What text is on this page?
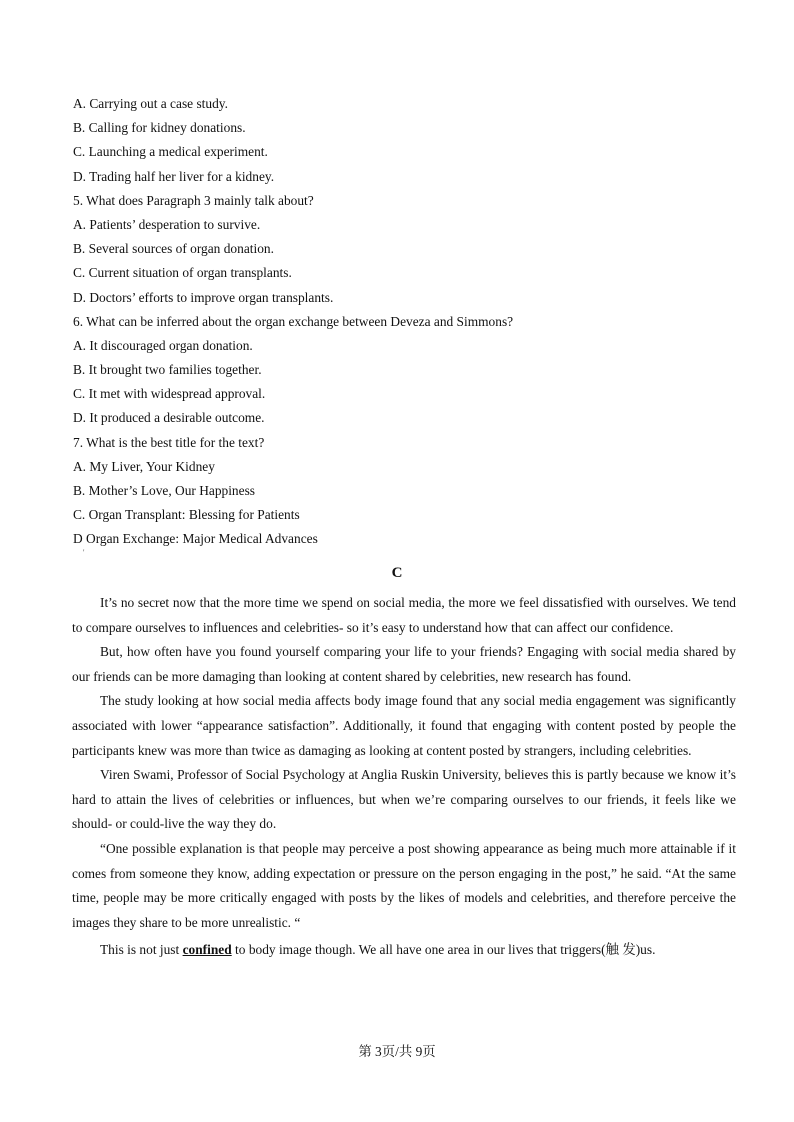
A. Carrying out a case study.
B. Calling for kidney donations.
C. Launching a medical experiment.
D. Trading half her liver for a kidney.
5. What does Paragraph 3 mainly talk about?
A. Patients’ desperation to survive.
B. Several sources of organ donation.
C. Current situation of organ transplants.
D. Doctors’ efforts to improve organ transplants.
6. What can be inferred about the organ exchange between Deveza and Simmons?
A. It discouraged organ donation.
B. It brought two families together.
C. It met with widespread approval.
D. It produced a desirable outcome.
7. What is the best title for the text?
A. My Liver, Your Kidney
B. Mother’s Love, Our Happiness
C. Organ Transplant: Blessing for Patients
D Organ Exchange: Major Medical Advances
'
C

It’s no secret now that the more time we spend on social media, the more we feel dissatisfied with ourselves. We tend to compare ourselves to influences and celebrities- so it’s easy to understand how that can affect our confidence.

But, how often have you found yourself comparing your life to your friends? Engaging with social media shared by our friends can be more damaging than looking at content shared by celebrities, new research has found.

The study looking at how social media affects body image found that any social media engagement was significantly associated with lower “appearance satisfaction”. Additionally, it found that engaging with content posted by people the participants knew was more than twice as damaging as looking at content posted by strangers, including celebrities.

Viren Swami, Professor of Social Psychology at Anglia Ruskin University, believes this is partly because we know it’s hard to attain the lives of celebrities or influences, but when we’re comparing ourselves to our friends, it feels like we should- or could-live the way they do.

“One possible explanation is that people may perceive a post showing appearance as being much more attainable if it comes from someone they know, adding expectation or pressure on the person engaging in the post,” he said. “At the same time, people may be more critically engaged with posts by the likes of models and celebrities, and therefore perceive the images they share to be more unrealistic. “

This is not just confined to body image though. We all have one area in our lives that triggers(触 发)us.

第 3页/共 9页
